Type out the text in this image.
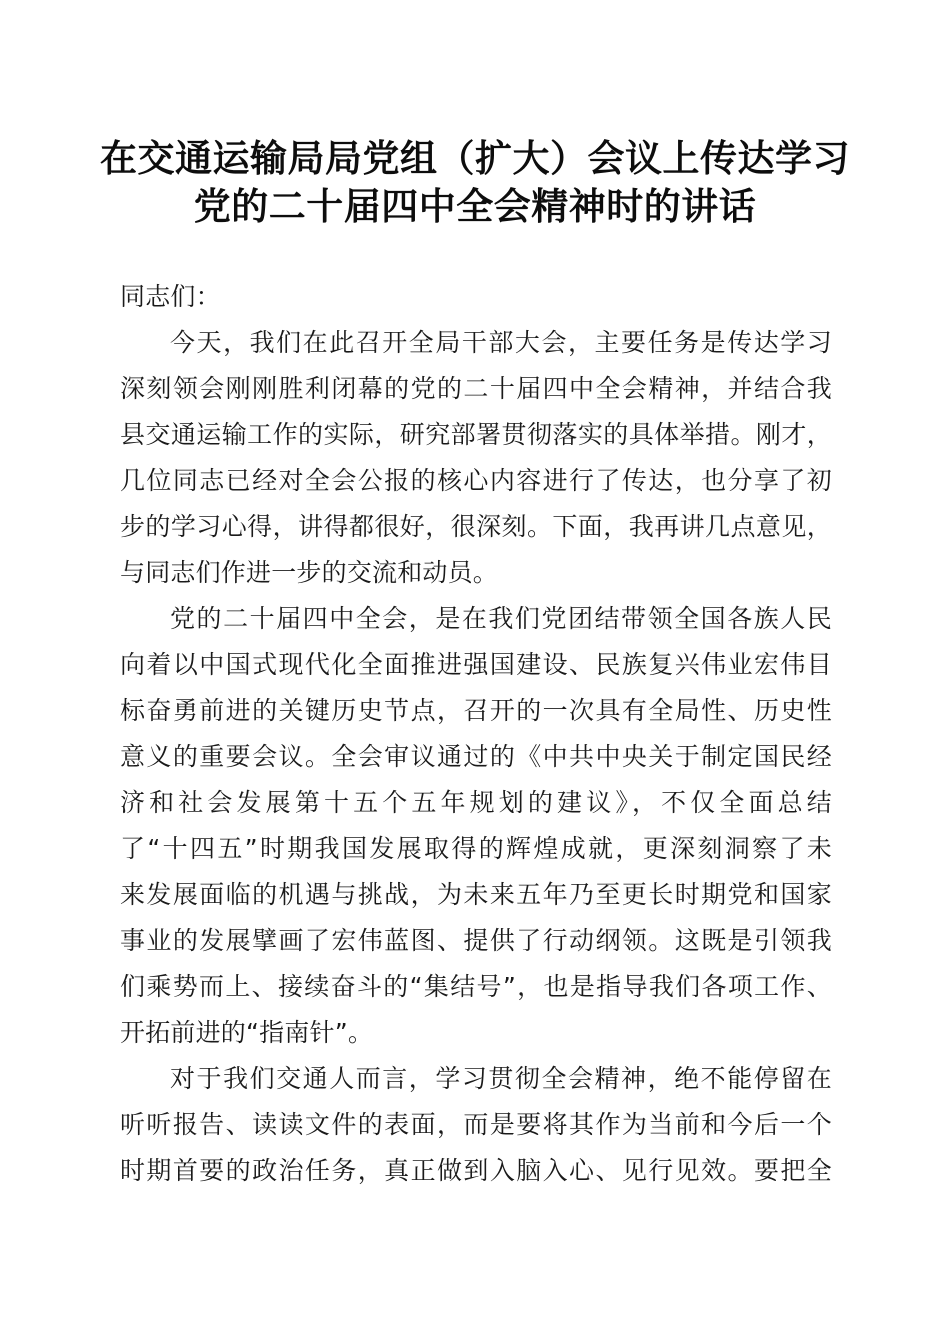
在交通运输局局党组（扩大）会议上传达学习
党的二十届四中全会精神时的讲话
同志们：
今天，我们在此召开全局干部大会，主要任务是传达学习
深刻领会刚刚胜利闭幕的党的二十届四中全会精神，并结合我
县交通运输工作的实际，研究部署贯彻落实的具体举措。刚才，
几位同志已经对全会公报的核心内容进行了传达，也分享了初
步的学习心得，讲得都很好，很深刻。下面，我再讲几点意见，
与同志们作进一步的交流和动员。
党的二十届四中全会，是在我们党团结带领全国各族人民
向着以中国式现代化全面推进强国建设、民族复兴伟业宏伟目
标奋勇前进的关键历史节点，召开的一次具有全局性、历史性
意义的重要会议。全会审议通过的《中共中央关于制定国民经
济和社会发展第十五个五年规划的建议》，不仅全面总结
了“十四五”时期我国发展取得的辉煌成就，更深刻洞察了未
来发展面临的机遇与挑战，为未来五年乃至更长时期党和国家
事业的发展擘画了宏伟蓝图、提供了行动纲领。这既是引领我
们乘势而上、接续奋斗的“集结号”，也是指导我们各项工作、
开拓前进的“指南针”。
对于我们交通人而言，学习贯彻全会精神，绝不能停留在
听听报告、读读文件的表面，而是要将其作为当前和今后一个
时期首要的政治任务，真正做到入脑入心、见行见效。要把全
